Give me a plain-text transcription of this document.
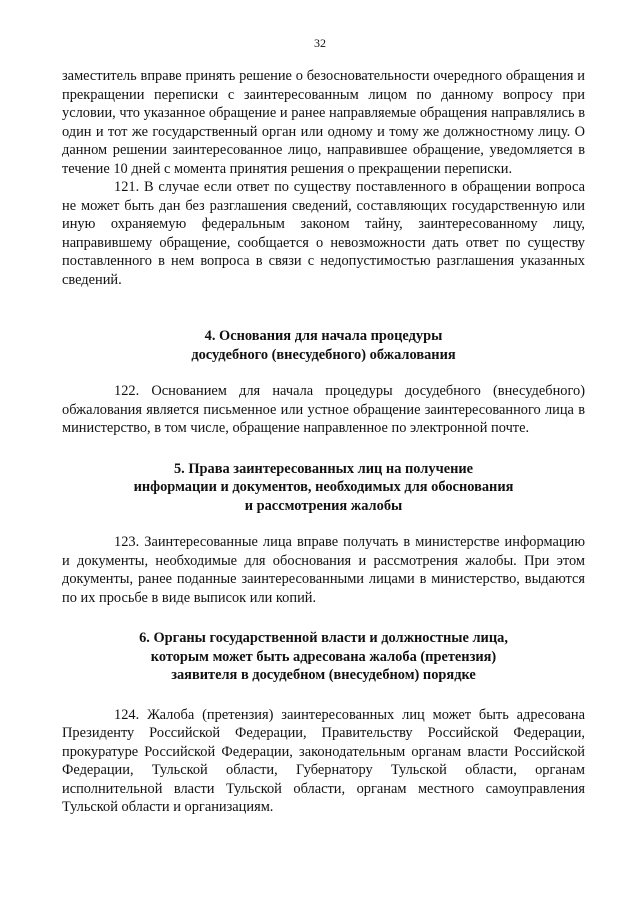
32

заместитель вправе принять решение о безосновательности очередного обращения и прекращении переписки с заинтересованным лицом по данному вопросу при условии, что указанное обращение и ранее направляемые обращения направлялись в один и тот же государственный орган или одному и тому же должностному лицу. О данном решении заинтересованное лицо, направившее обращение, уведомляется в течение 10 дней с момента принятия решения о прекращении переписки.

121. В случае если ответ по существу поставленного в обращении вопроса не может быть дан без разглашения сведений, составляющих государственную или иную охраняемую федеральным законом тайну, заинтересованному лицу, направившему обращение, сообщается о невозможности дать ответ по существу поставленного в нем вопроса в связи с недопустимостью разглашения указанных сведений.

4. Основания для начала процедуры
досудебного (внесудебного) обжалования

122. Основанием для начала процедуры досудебного (внесудебного) обжалования является письменное или устное обращение заинтересованного лица в министерство, в том числе, обращение направленное по электронной почте.

5. Права заинтересованных лиц на получение
информации и документов, необходимых для обоснования
и рассмотрения жалобы

123. Заинтересованные лица вправе получать в министерстве информацию и документы, необходимые для обоснования и рассмотрения жалобы. При этом документы, ранее поданные заинтересованными лицами в министерство, выдаются по их просьбе в виде выписок или копий.

6. Органы государственной власти и должностные лица,
которым может быть адресована жалоба (претензия)
заявителя в досудебном (внесудебном) порядке

124. Жалоба (претензия) заинтересованных лиц может быть адресована Президенту Российской Федерации, Правительству Российской Федерации, прокуратуре Российской Федерации, законодательным органам власти Российской Федерации, Тульской области, Губернатору Тульской области, органам исполнительной власти Тульской области, органам местного самоуправления Тульской области и организациям.
